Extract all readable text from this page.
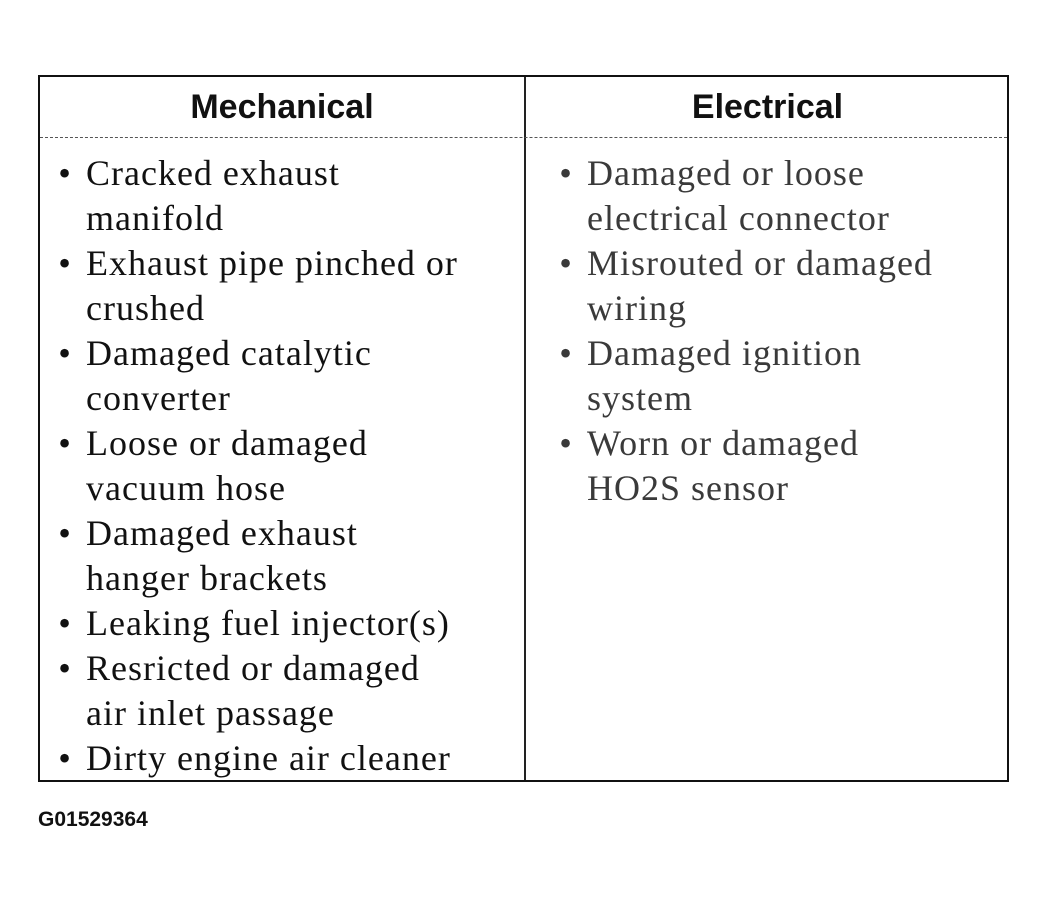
Mechanical	Electrical
• Cracked exhaust
manifold
• Exhaust pipe pinched or
crushed
• Damaged catalytic
converter
• Loose or damaged
vacuum hose
• Damaged exhaust
hanger brackets
• Leaking fuel injector(s)
• Resricted or damaged
air inlet passage
• Dirty engine air cleaner
• Damaged or loose
electrical connector
• Misrouted or damaged
wiring
• Damaged ignition
system
• Worn or damaged
HO2S sensor
G01529364
